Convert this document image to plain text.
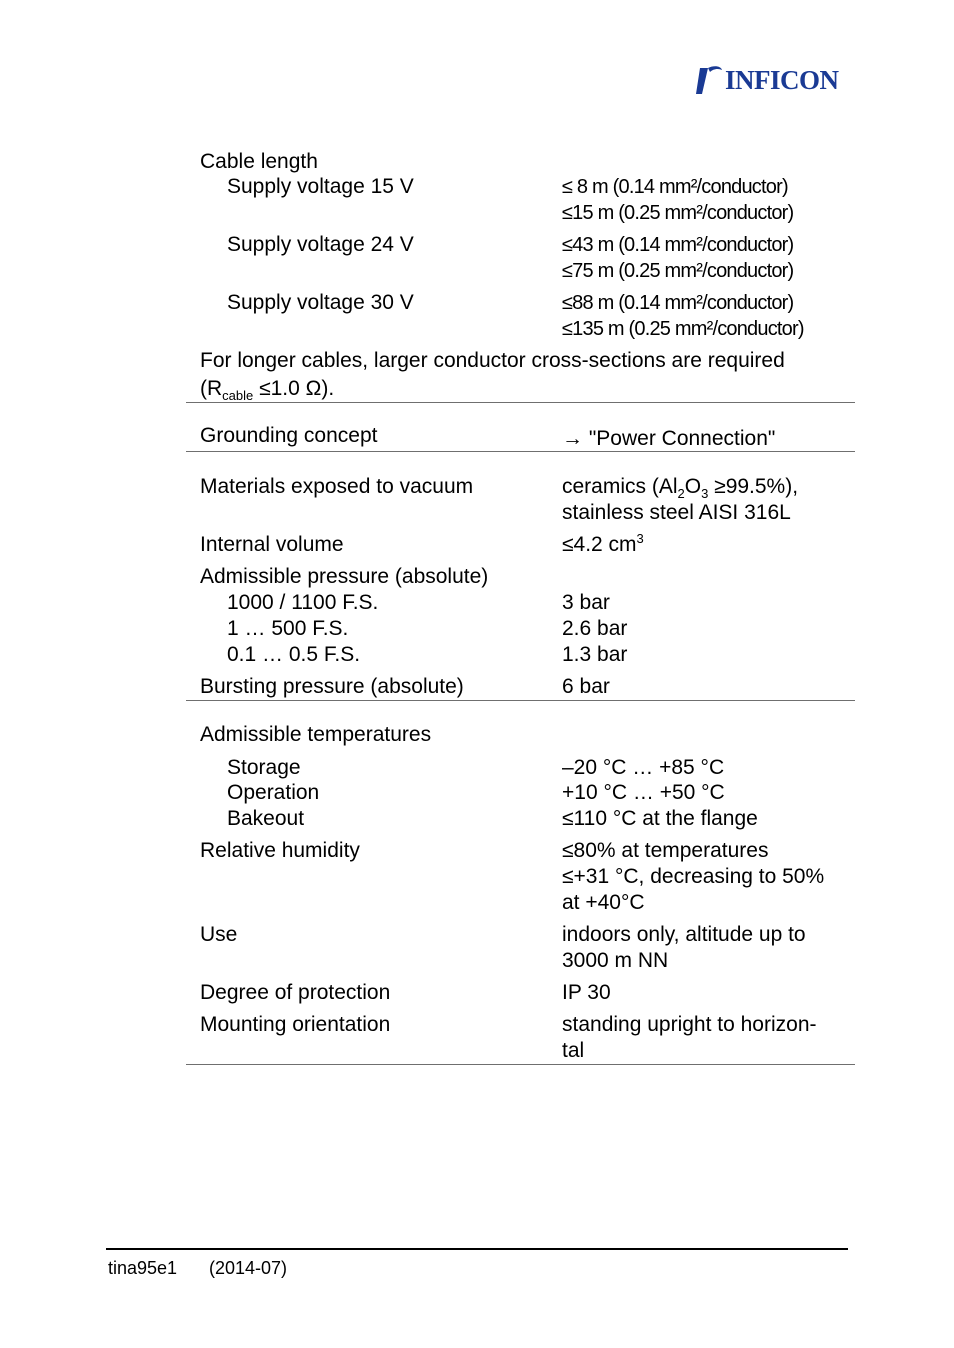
INFICON
Cable length
Supply voltage 15 V	≤ 8 m (0.14 mm²/conductor)
≤15 m (0.25 mm²/conductor)
Supply voltage 24 V	≤43 m (0.14 mm²/conductor)
≤75 m (0.25 mm²/conductor)
Supply voltage 30 V	≤88 m (0.14 mm²/conductor)
≤135 m (0.25 mm²/conductor)
For longer cables, larger conductor cross-sections are required
($R_{cable} \le 1.0$ Ω).
Grounding concept	→ "Power Connection"
Materials exposed to vacuum	ceramics $(Al_2O_3 \ge 99.5\%)$,
stainless steel AISI 316L
Internal volume	≤4.2 $cm^3$
Admissible pressure (absolute)
1000 / 1100 F.S.	3 bar
1 … 500 F.S.	2.6 bar
0.1 … 0.5 F.S.	1.3 bar
Bursting pressure (absolute)	6 bar
Admissible temperatures
Storage	–20 °C … +85 °C
Operation	+10 °C … +50 °C
Bakeout	≤110 °C at the flange
Relative humidity	≤80% at temperatures
≤+31 °C, decreasing to 50%
at +40°C
Use	indoors only, altitude up to
3000 m NN
Degree of protection	IP 30
Mounting orientation	standing upright to horizon-
tal
tina95e1 (2014-07)
